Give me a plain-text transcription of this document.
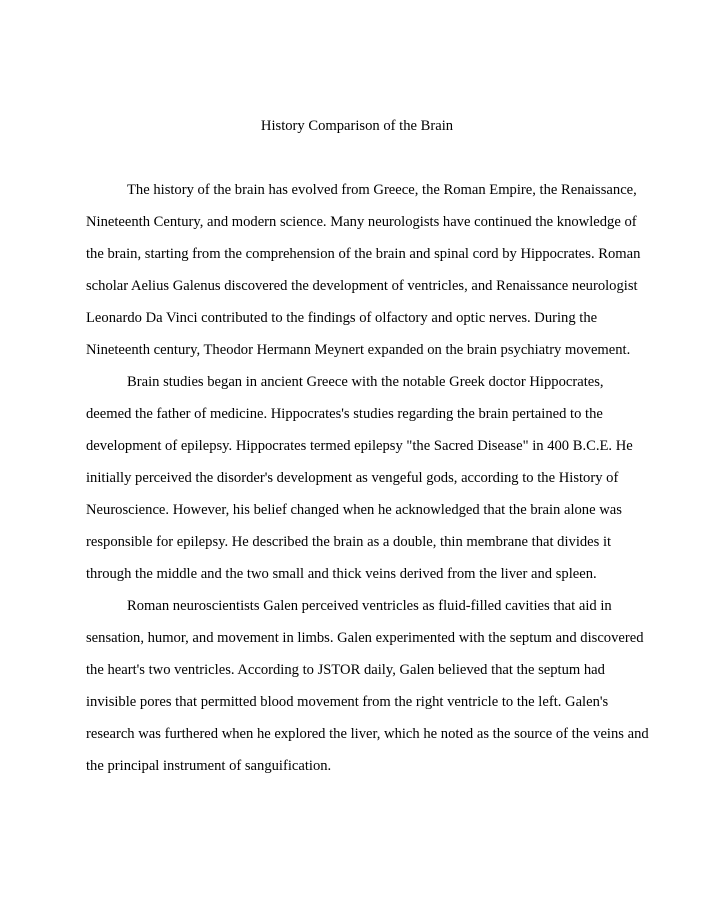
History Comparison of the Brain
The history of the brain has evolved from Greece, the Roman Empire, the Renaissance,
Nineteenth Century, and modern science. Many neurologists have continued the knowledge of
the brain, starting from the comprehension of the brain and spinal cord by Hippocrates. Roman
scholar Aelius Galenus discovered the development of ventricles, and Renaissance neurologist
Leonardo Da Vinci contributed to the findings of olfactory and optic nerves. During the
Nineteenth century, Theodor Hermann Meynert expanded on the brain psychiatry movement.
Brain studies began in ancient Greece with the notable Greek doctor Hippocrates,
deemed the father of medicine. Hippocrates's studies regarding the brain pertained to the
development of epilepsy. Hippocrates termed epilepsy "the Sacred Disease" in 400 B.C.E. He
initially perceived the disorder's development as vengeful gods, according to the History of
Neuroscience. However, his belief changed when he acknowledged that the brain alone was
responsible for epilepsy. He described the brain as a double, thin membrane that divides it
through the middle and the two small and thick veins derived from the liver and spleen.
Roman neuroscientists Galen perceived ventricles as fluid-filled cavities that aid in
sensation, humor, and movement in limbs. Galen experimented with the septum and discovered
the heart's two ventricles. According to JSTOR daily, Galen believed that the septum had
invisible pores that permitted blood movement from the right ventricle to the left. Galen's
research was furthered when he explored the liver, which he noted as the source of the veins and
the principal instrument of sanguification.
